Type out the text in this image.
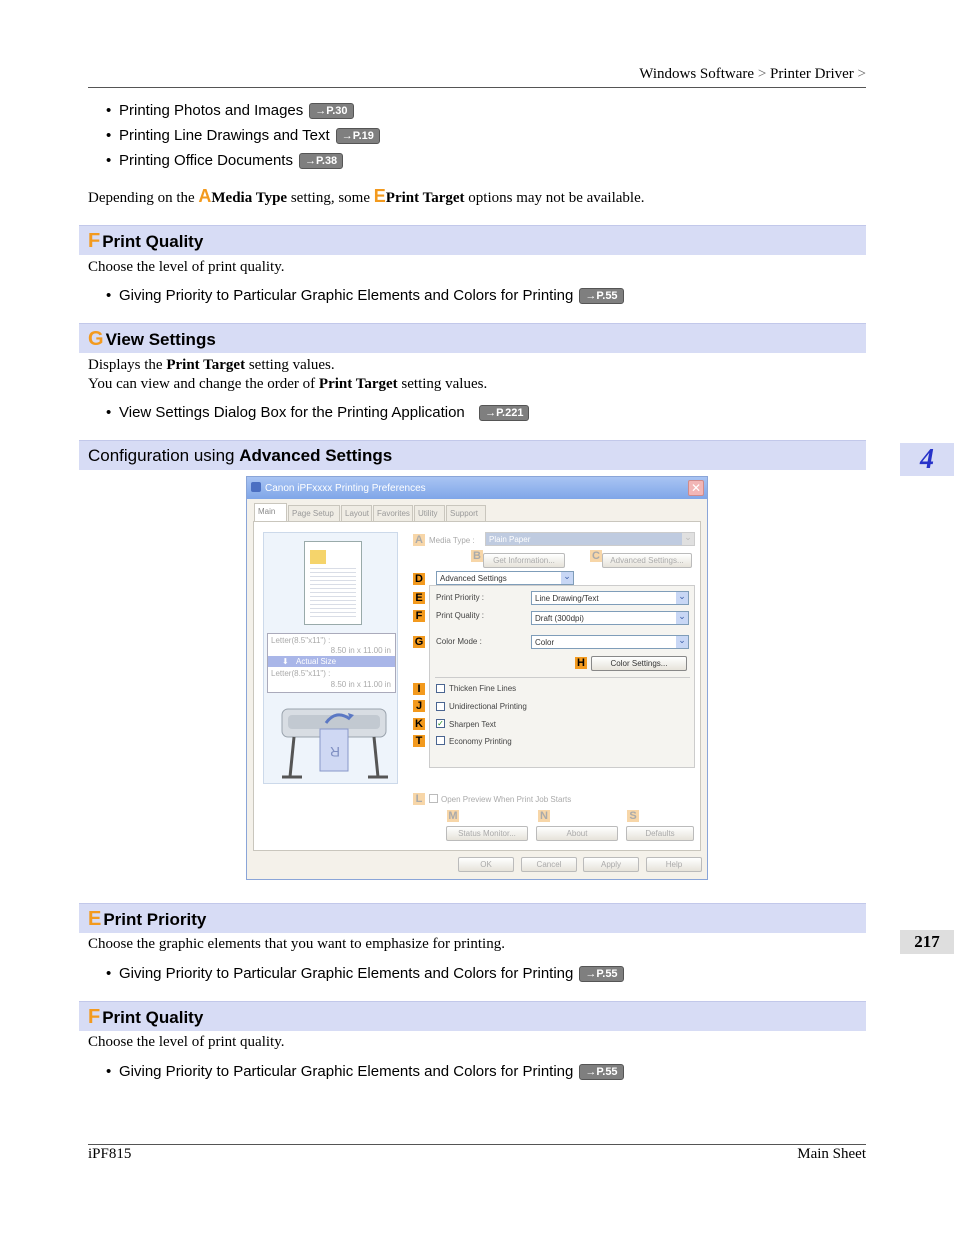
Windows Software > Printer Driver >
• Printing Photos and Images →P.30
• Printing Line Drawings and Text →P.19
• Printing Office Documents →P.38
Depending on the AMedia Type setting, some EPrint Target options may not be available.
F Print Quality
Choose the level of print quality.
• Giving Priority to Particular Graphic Elements and Colors for Printing →P.55
G View Settings
Displays the Print Target setting values.
You can view and change the order of Print Target setting values.
• View Settings Dialog Box for the Printing Application →P.221
Configuration using Advanced Settings
Canon iPFxxxx Printing Preferences	✕
Main	Page Setup	Layout Favorites	Utility	Support
Letter(8.5"x11") :
8.50 in x 11.00 in
⬇ Actual Size
Letter(8.5"x11") :
8.50 in x 11.00 in
R
A Media Type :	Plain Paper ⌄
B	Get Information...	C	Advanced Settings...
D	Advanced Settings ⌄
E Print Priority :	Line Drawing/Text ⌄
F	Print Quality :	Draft (300dpi) ⌄
G Color Mode :	Color ⌄
H	Color Settings...
I	Thicken Fine Lines
J	Unidirectional Printing
K ✓ Sharpen Text
T	Economy Printing
L	Open Preview When Print Job Starts
M	N	S
Status Monitor...	About	Defaults
OK	Cancel	Apply	Help
E Print Priority
Choose the graphic elements that you want to emphasize for printing.
• Giving Priority to Particular Graphic Elements and Colors for Printing →P.55
F Print Quality
Choose the level of print quality.
• Giving Priority to Particular Graphic Elements and Colors for Printing →P.55
4
217
iPF815	Main Sheet
